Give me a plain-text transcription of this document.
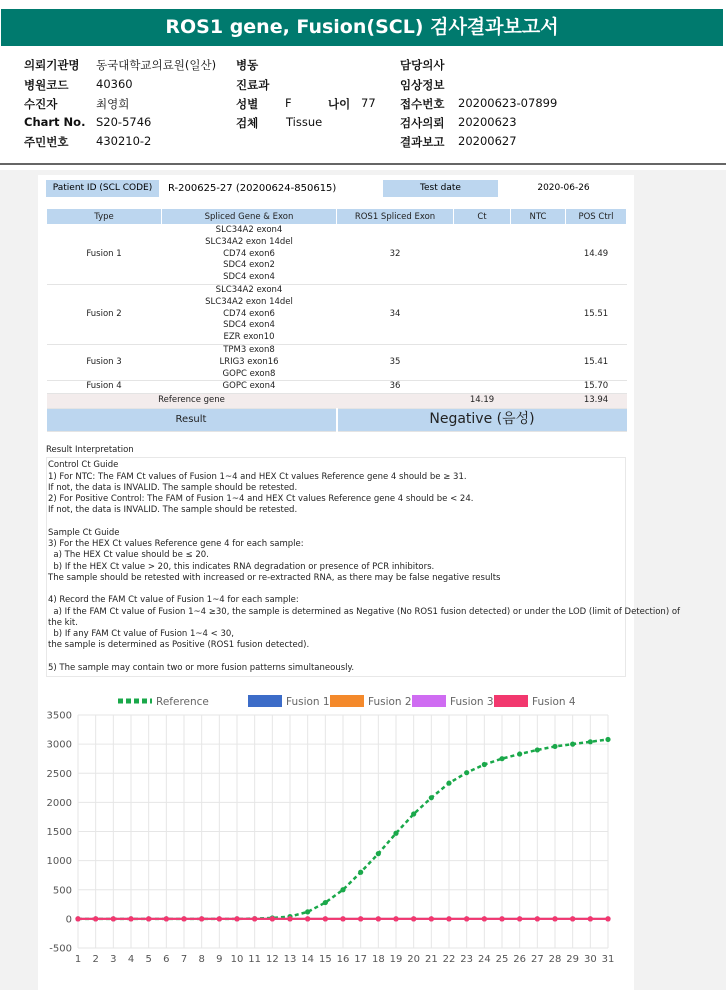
ROS1 gene, Fusion(SCL) 검사결과보고서
의뢰기관명 동국대학교의료원(일산) 병동	담당의사
병원코드 40360	진료과	임상정보
수진자	최영희	성별 F	나이 77 접수번호 20200623-07899
Chart No. S20-5746	검체 Tissue	검사의뢰 20200623
주민번호 430210-2	결과보고 20200627
Patient ID (SCL CODE)	R-200625-27 (20200624-850615)	Test date	2020-06-26
Type	Spliced Gene & Exon	ROS1 Spliced Exon	Ct	NTC	POS Ctrl
Fusion 1	SLC34A2 exon4
SLC34A2 exon 14del
CD74 exon6
SDC4 exon2
SDC4 exon4	32			14.49
Fusion 2	SLC34A2 exon4
SLC34A2 exon 14del
CD74 exon6
SDC4 exon4
EZR exon10	34			15.51
Fusion 3	TPM3 exon8
LRIG3 exon16
GOPC exon8	35			15.41
Fusion 4	GOPC exon4	36			15.70
Reference gene			14.19		13.94
Result		Negative (음성)			
Result Interpretation
Control Ct Guide
1) For NTC: The FAM Ct values of Fusion 1~4 and HEX Ct values Reference gene 4 should be ≥ 31.
If not, the data is INVALID. The sample should be retested.
2) For Positive Control: The FAM of Fusion 1~4 and HEX Ct values Reference gene 4 should be < 24.
If not, the data is INVALID. The sample should be retested.
Sample Ct Guide
3) For the HEX Ct values Reference gene 4 for each sample:
a) The HEX Ct value should be ≤ 20.
b) If the HEX Ct value > 20, this indicates RNA degradation or presence of PCR inhibitors.
The sample should be retested with increased or re-extracted RNA, as there may be false negative results
4) Record the FAM Ct value of Fusion 1~4 for each sample:
a) If the FAM Ct value of Fusion 1~4 ≥30, the sample is determined as Negative (No ROS1 fusion detected) or under the LOD (limit of Detection) of
the kit.
b) If any FAM Ct value of Fusion 1~4 < 30,
the sample is determined as Positive (ROS1 fusion detected).
5) The sample may contain two or more fusion patterns simultaneously.
-500
0
500
1000
1500
2000
2500
3000
3500
1 2 3 4 5 6 7 8 9 10 11 12 13 14 15 16 17 18 19 20 21 22 23 24 25 26 27 28 29 30 31
Reference	Fusion 1	Fusion 2	Fusion 3	Fusion 4
